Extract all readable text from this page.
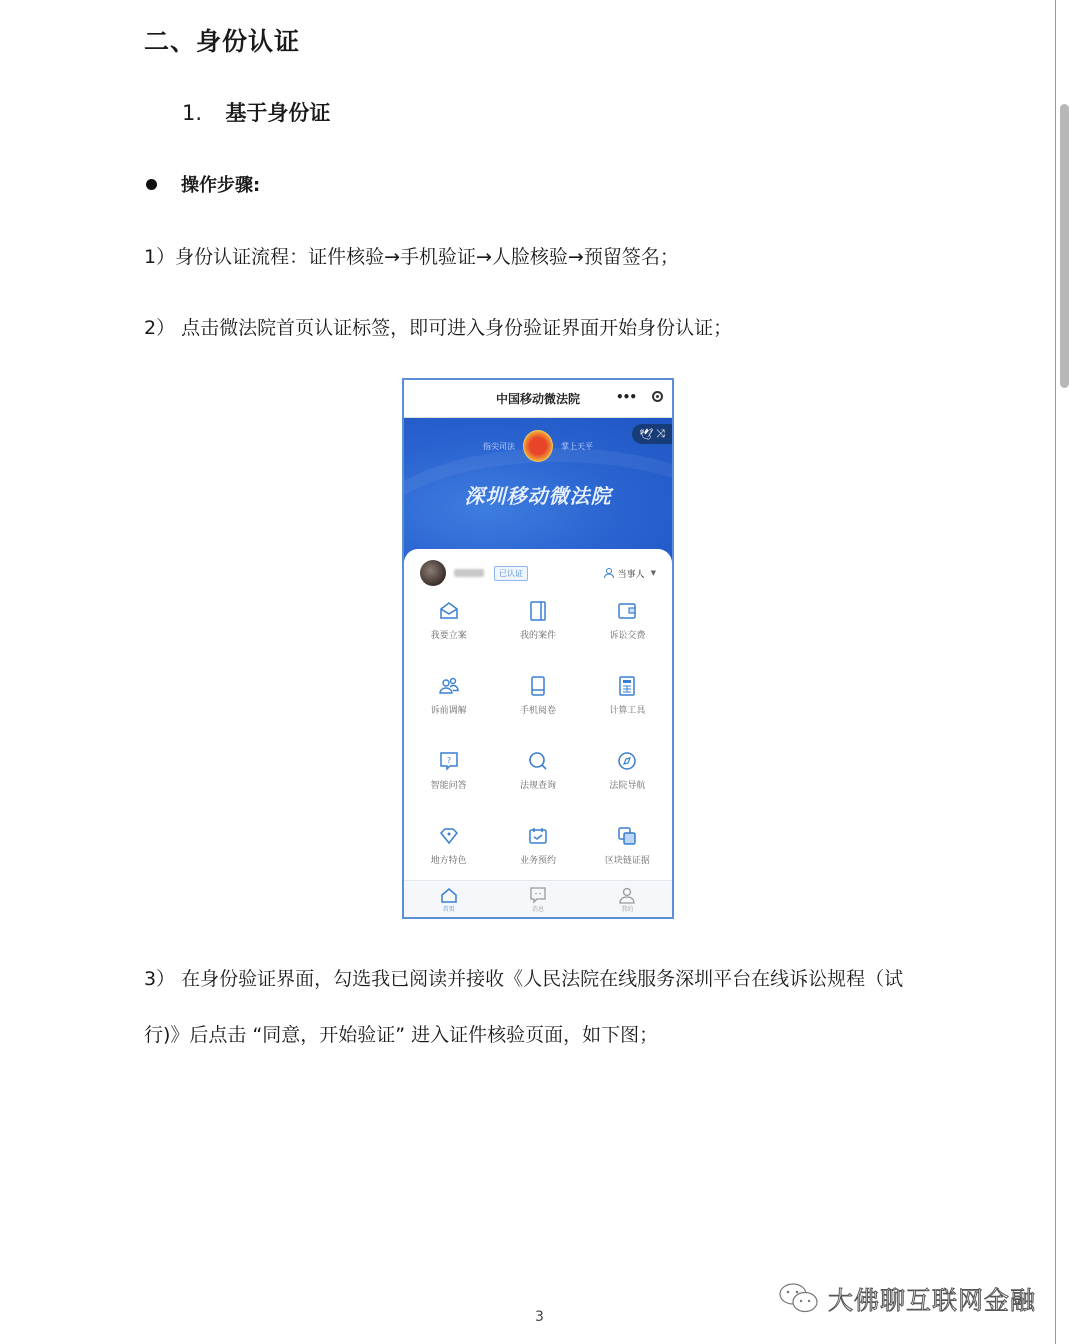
二、身份认证
1. 基于身份证
操作步骤:
1）身份认证流程：证件核验→手机验证→人脸核验→预留签名；
2） 点击微法院首页认证标签，即可进入身份验证界面开始身份认证；
中国移动微法院	•••
🕊 ⤨
指尖司法	掌上天平
深圳移动微法院
已认证	当事人 ▼
我要立案	我的案件	诉讼交费
诉前调解	手机阅卷	计算工具
?
智能问答	法规查询	法院导航
地方特色	业务预约	区块链证据
首页	消息	我的
3） 在身份验证界面，勾选我已阅读并接收《人民法院在线服务深圳平台在线诉讼规程（试
行)》后点击 “同意，开始验证” 进入证件核验页面，如下图；
3
大佛聊互联网金融
